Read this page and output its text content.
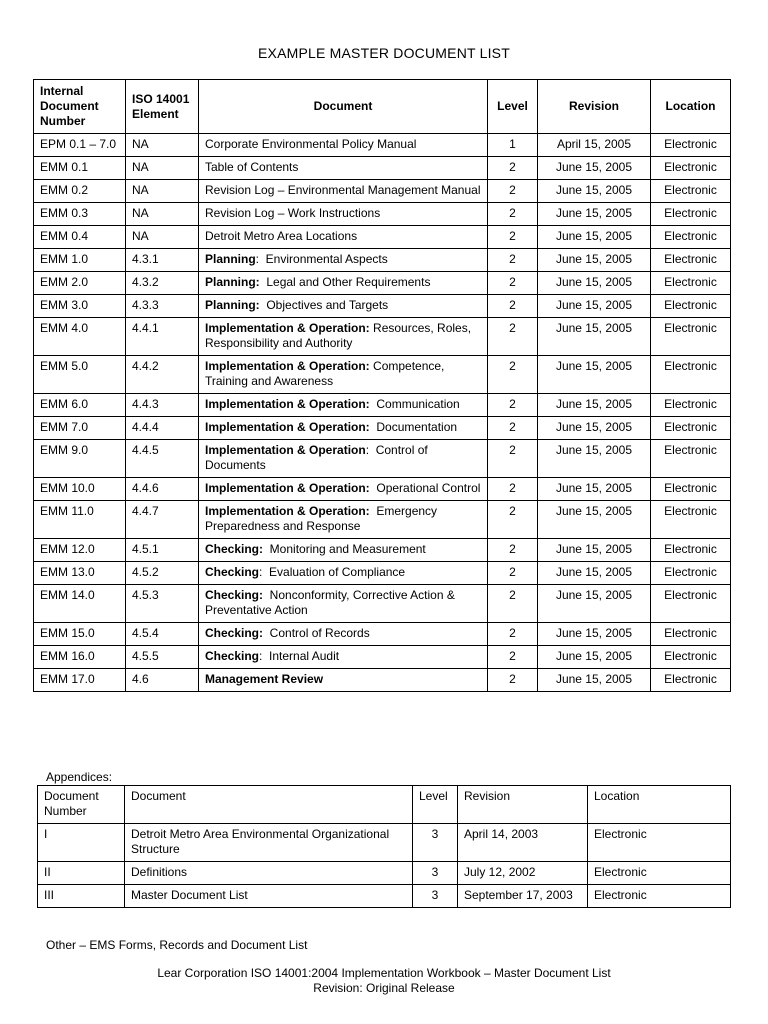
EXAMPLE MASTER DOCUMENT LIST
Internal Document Number	ISO 14001 Element	Document	Level	Revision	Location
EPM 0.1 – 7.0	NA	Corporate Environmental Policy Manual	1	April 15, 2005	Electronic
EMM 0.1	NA	Table of Contents	2	June 15, 2005	Electronic
EMM 0.2	NA	Revision Log – Environmental Management Manual	2	June 15, 2005	Electronic
EMM 0.3	NA	Revision Log – Work Instructions	2	June 15, 2005	Electronic
EMM 0.4	NA	Detroit Metro Area Locations	2	June 15, 2005	Electronic
EMM 1.0	4.3.1	Planning:  Environmental Aspects	2	June 15, 2005	Electronic
EMM 2.0	4.3.2	Planning:  Legal and Other Requirements	2	June 15, 2005	Electronic
EMM 3.0	4.3.3	Planning:  Objectives and Targets	2	June 15, 2005	Electronic
EMM 4.0	4.4.1	Implementation & Operation: Resources, Roles, Responsibility and Authority	2	June 15, 2005	Electronic
EMM 5.0	4.4.2	Implementation & Operation: Competence, Training and Awareness	2	June 15, 2005	Electronic
EMM 6.0	4.4.3	Implementation & Operation:  Communication	2	June 15, 2005	Electronic
EMM 7.0	4.4.4	Implementation & Operation:  Documentation	2	June 15, 2005	Electronic
EMM 9.0	4.4.5	Implementation & Operation:  Control of Documents	2	June 15, 2005	Electronic
EMM 10.0	4.4.6	Implementation & Operation:  Operational Control	2	June 15, 2005	Electronic
EMM 11.0	4.4.7	Implementation & Operation:  Emergency Preparedness and Response	2	June 15, 2005	Electronic
EMM 12.0	4.5.1	Checking:  Monitoring and Measurement	2	June 15, 2005	Electronic
EMM 13.0	4.5.2	Checking:  Evaluation of Compliance	2	June 15, 2005	Electronic
EMM 14.0	4.5.3	Checking:  Nonconformity, Corrective Action & Preventative Action	2	June 15, 2005	Electronic
EMM 15.0	4.5.4	Checking:  Control of Records	2	June 15, 2005	Electronic
EMM 16.0	4.5.5	Checking:  Internal Audit	2	June 15, 2005	Electronic
EMM 17.0	4.6	Management Review	2	June 15, 2005	Electronic
Appendices:
Document Number	Document	Level	Revision	Location
I	Detroit Metro Area Environmental Organizational Structure	3	April 14, 2003	Electronic
II	Definitions	3	July 12, 2002	Electronic
III	Master Document List	3	September 17, 2003	Electronic
Other – EMS Forms, Records and Document List
Lear Corporation ISO 14001:2004 Implementation Workbook – Master Document List
Revision: Original Release
